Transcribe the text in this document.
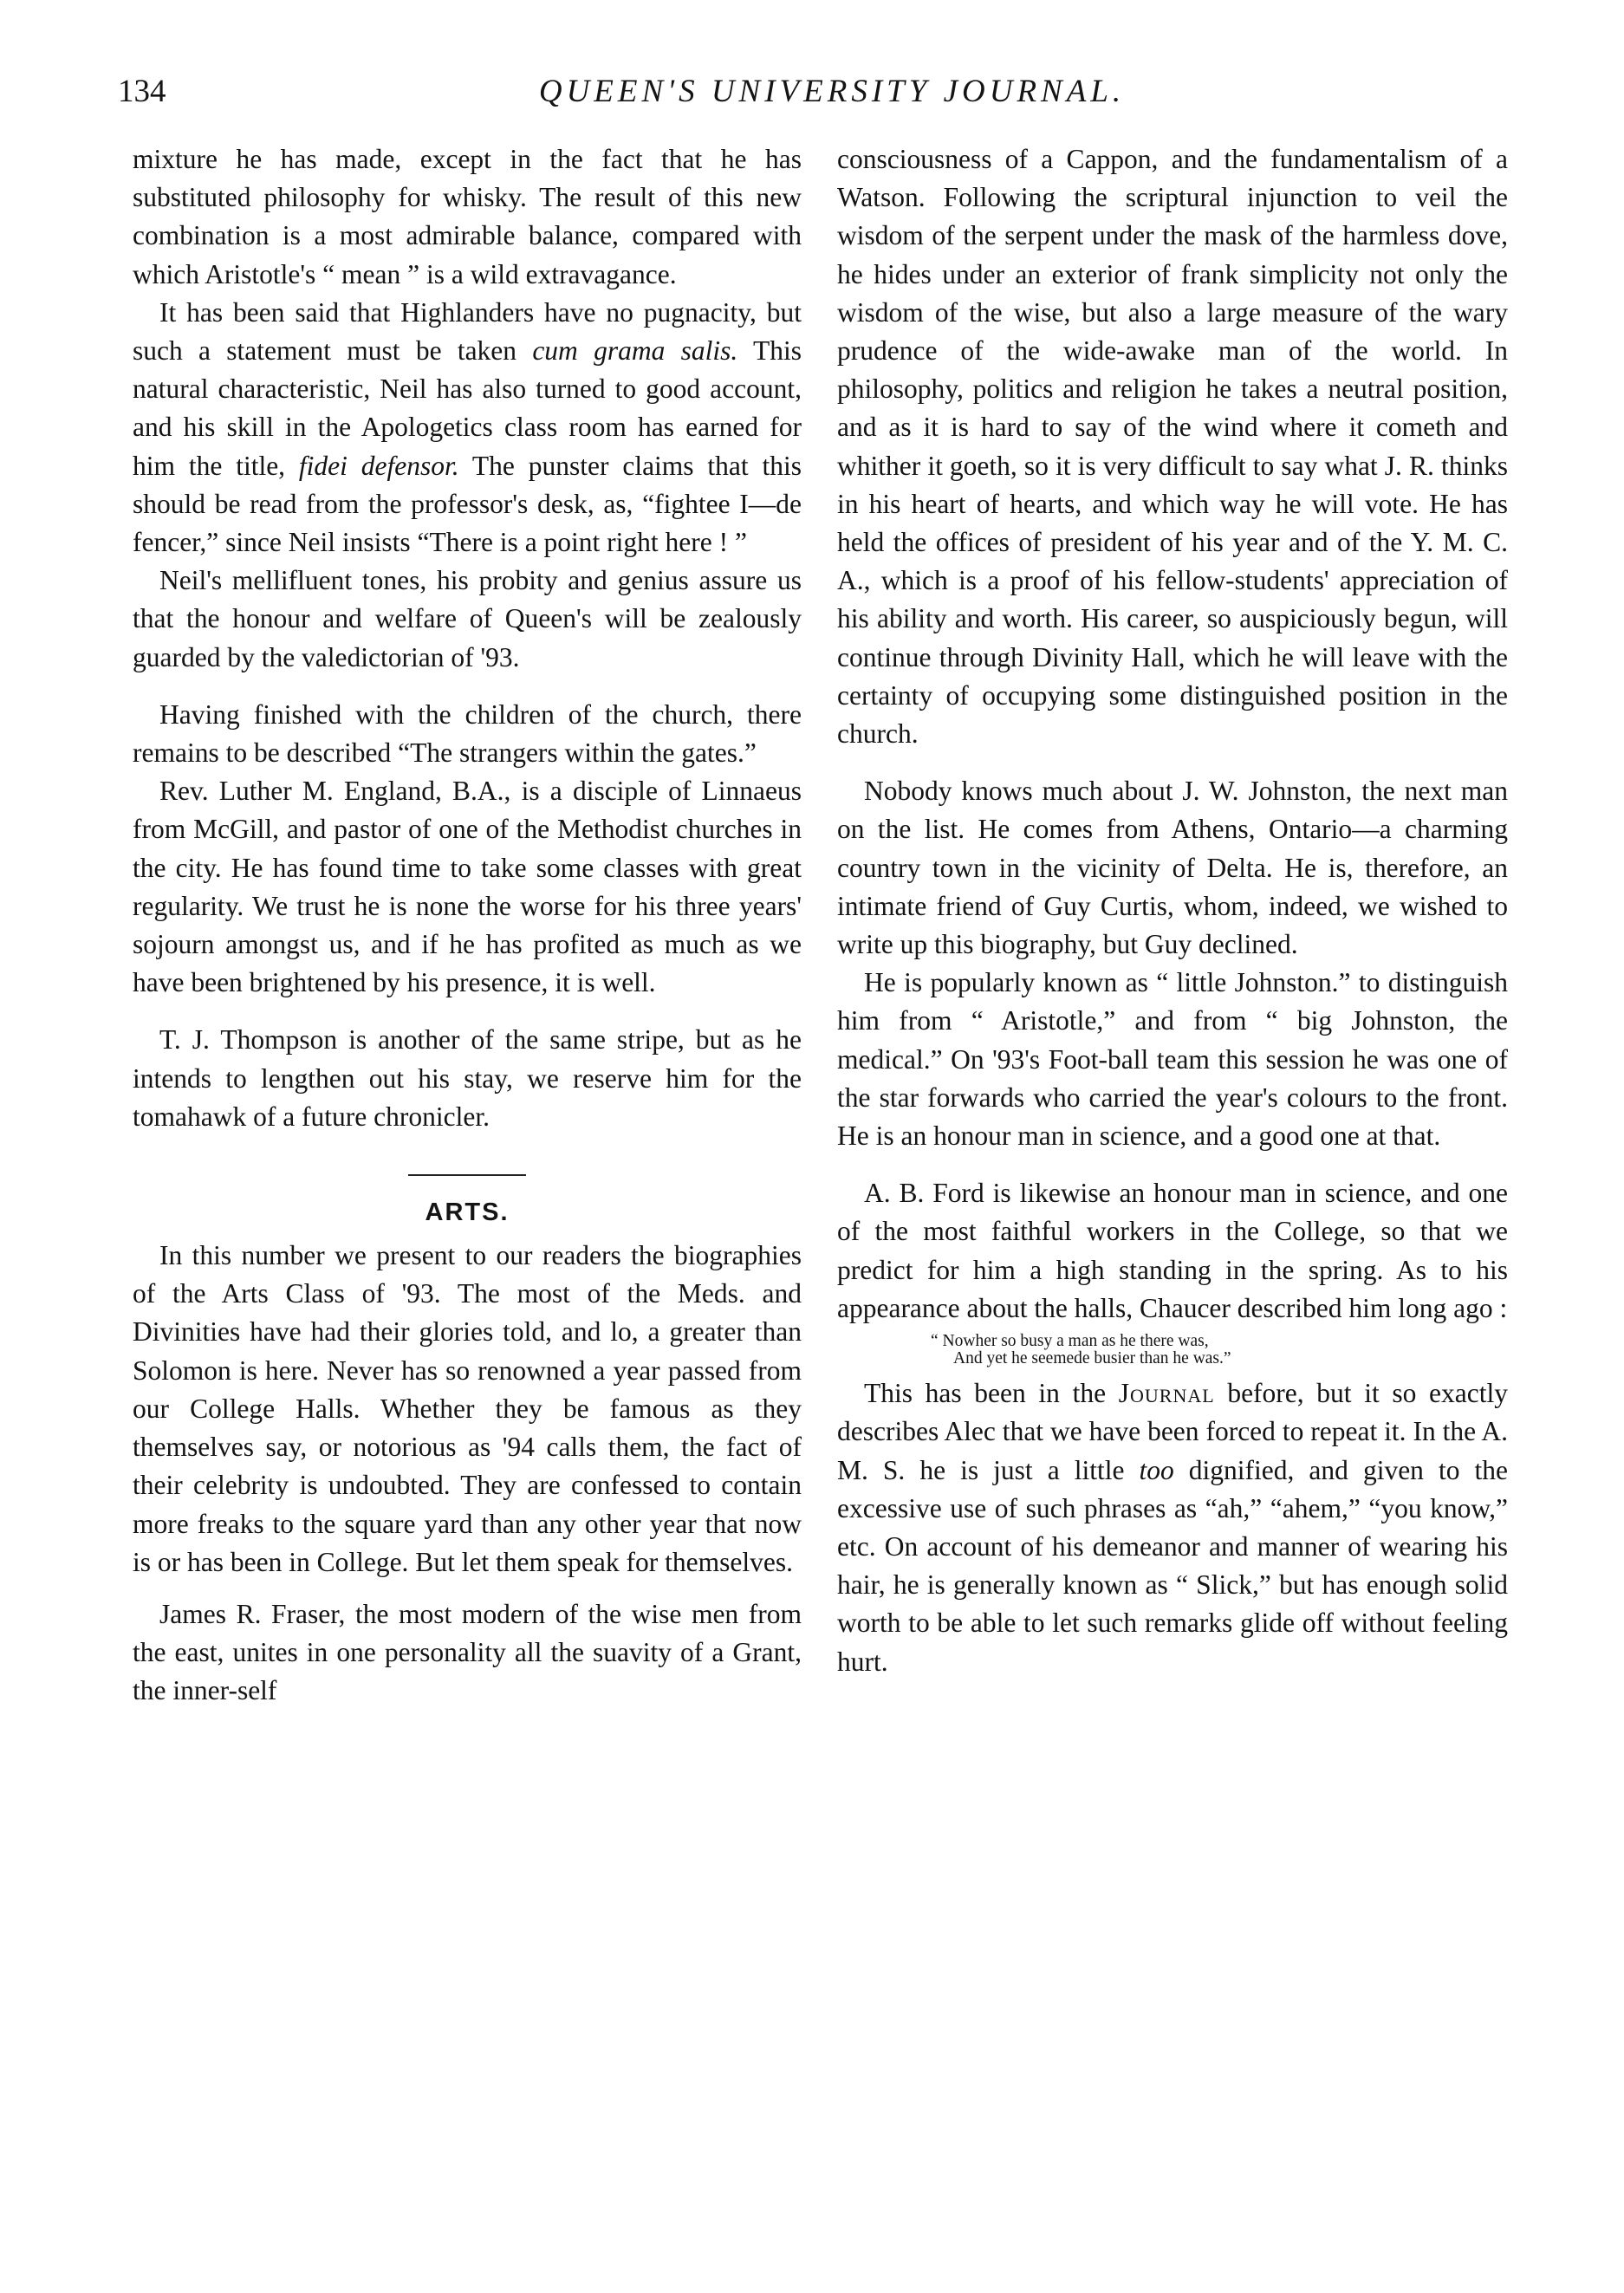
134	QUEEN'S UNIVERSITY JOURNAL.

mixture he has made, except in the fact that he has substituted philosophy for whisky. The result of this new combination is a most admirable balance, compared with which Aristotle's “ mean ” is a wild extravagance.

It has been said that Highlanders have no pugnacity, but such a statement must be taken cum grama salis. This natural characteristic, Neil has also turned to good account, and his skill in the Apologetics class room has earned for him the title, fidei defensor. The punster claims that this should be read from the professor's desk, as, “fightee I—de fencer,” since Neil insists “There is a point right here ! ”

Neil's mellifluent tones, his probity and genius assure us that the honour and welfare of Queen's will be zealously guarded by the valedictorian of '93.

Having finished with the children of the church, there remains to be described “The strangers within the gates.”

Rev. Luther M. England, B.A., is a disciple of Linnaeus from McGill, and pastor of one of the Methodist churches in the city. He has found time to take some classes with great regularity. We trust he is none the worse for his three years' sojourn amongst us, and if he has profited as much as we have been brightened by his presence, it is well.

T. J. Thompson is another of the same stripe, but as he intends to lengthen out his stay, we reserve him for the tomahawk of a future chronicler.

ARTS.

In this number we present to our readers the biographies of the Arts Class of '93. The most of the Meds. and Divinities have had their glories told, and lo, a greater than Solomon is here. Never has so renowned a year passed from our College Halls. Whether they be famous as they themselves say, or notorious as '94 calls them, the fact of their celebrity is undoubted. They are confessed to contain more freaks to the square yard than any other year that now is or has been in College. But let them speak for themselves.

James R. Fraser, the most modern of the wise men from the east, unites in one personality all the suavity of a Grant, the inner-self

consciousness of a Cappon, and the fundamentalism of a Watson. Following the scriptural injunction to veil the wisdom of the serpent under the mask of the harmless dove, he hides under an exterior of frank simplicity not only the wisdom of the wise, but also a large measure of the wary prudence of the wide-awake man of the world. In philosophy, politics and religion he takes a neutral position, and as it is hard to say of the wind where it cometh and whither it goeth, so it is very difficult to say what J. R. thinks in his heart of hearts, and which way he will vote. He has held the offices of president of his year and of the Y. M. C. A., which is a proof of his fellow-students' appreciation of his ability and worth. His career, so auspiciously begun, will continue through Divinity Hall, which he will leave with the certainty of occupying some distinguished position in the church.

Nobody knows much about J. W. Johnston, the next man on the list. He comes from Athens, Ontario—a charming country town in the vicinity of Delta. He is, therefore, an intimate friend of Guy Curtis, whom, indeed, we wished to write up this biography, but Guy declined.

He is popularly known as “ little Johnston.” to distinguish him from “ Aristotle,” and from “ big Johnston, the medical.” On '93's Foot-ball team this session he was one of the star forwards who carried the year's colours to the front. He is an honour man in science, and a good one at that.

A. B. Ford is likewise an honour man in science, and one of the most faithful workers in the College, so that we predict for him a high standing in the spring. As to his appearance about the halls, Chaucer described him long ago :

“ Nowher so busy a man as he there was,
And yet he seemede busier than he was.”

This has been in the Journal before, but it so exactly describes Alec that we have been forced to repeat it. In the A. M. S. he is just a little too dignified, and given to the excessive use of such phrases as “ah,” “ahem,” “you know,” etc. On account of his demeanor and manner of wearing his hair, he is generally known as “ Slick,” but has enough solid worth to be able to let such remarks glide off without feeling hurt.
